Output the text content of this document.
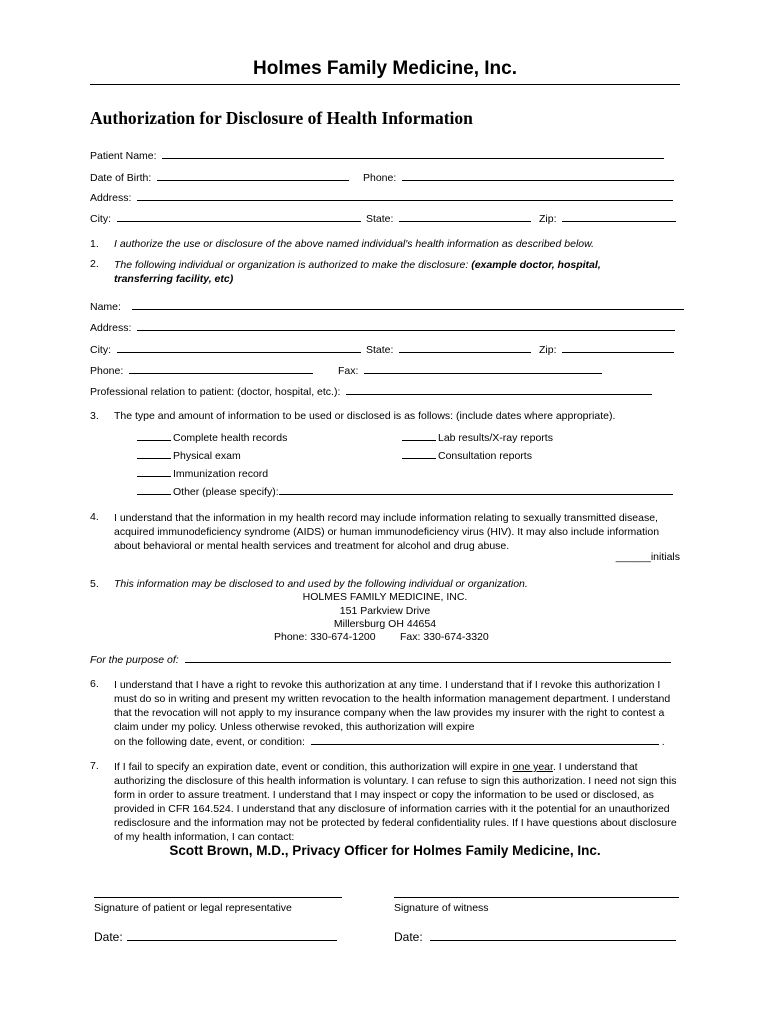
Holmes Family Medicine, Inc.
Authorization for Disclosure of Health Information
Patient Name:
Date of Birth:	Phone:
Address:
City:	State:	Zip:
1. I authorize the use or disclosure of the above named individual's health information as described below.
2. The following individual or organization is authorized to make the disclosure: (example doctor, hospital, transferring facility, etc)
Name:
Address:
City:	State:	Zip:
Phone:	Fax:
Professional relation to patient: (doctor, hospital, etc.):
3. The type and amount of information to be used or disclosed is as follows: (include dates where appropriate).
Complete health records
Physical exam
Immunization record
Other (please specify):
Lab results/X-ray reports
Consultation reports
4. I understand that the information in my health record may include information relating to sexually transmitted disease, acquired immunodeficiency syndrome (AIDS) or human immunodeficiency virus (HIV). It may also include information about behavioral or mental health services and treatment for alcohol and drug abuse.
______initials
5. This information may be disclosed to and used by the following individual or organization.
HOLMES FAMILY MEDICINE, INC.
151 Parkview Drive
Millersburg OH 44654
Phone: 330-674-1200 Fax: 330-674-3320
For the purpose of:
6. I understand that I have a right to revoke this authorization at any time. I understand that if I revoke this authorization I must do so in writing and present my written revocation to the health information management department. I understand that the revocation will not apply to my insurance company when the law provides my insurer with the right to contest a claim under my policy. Unless otherwise revoked, this authorization will expire
on the following date, event, or condition:	.
7. If I fail to specify an expiration date, event or condition, this authorization will expire in one year. I understand that authorizing the disclosure of this health information is voluntary. I can refuse to sign this authorization. I need not sign this form in order to assure treatment. I understand that I may inspect or copy the information to be used or disclosed, as provided in CFR 164.524. I understand that any disclosure of information carries with it the potential for an unauthorized redisclosure and the information may not be protected by federal confidentiality rules. If I have questions about disclosure of my health information, I can contact:
Scott Brown, M.D., Privacy Officer for Holmes Family Medicine, Inc.
Signature of patient or legal representative	Signature of witness
Date:	Date:
